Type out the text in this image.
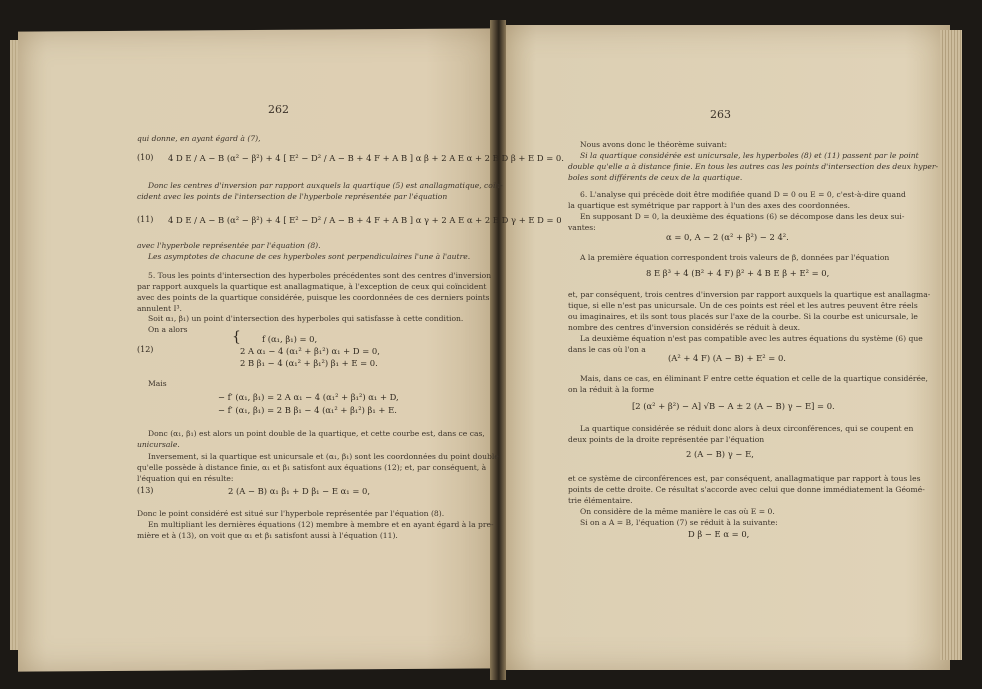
262	263
qui donne, en ayant égard à (7),
Donc les centres d'inversion par rapport auxquels la quartique (5) est anallagmatique, coïn-
cident avec les points de l'intersection de l'hyperbole représentée par l'équation
avec l'hyperbole représentée par l'équation (8).
Les asymptotes de chacune de ces hyperboles sont perpendiculaires l'une à l'autre.
5. Tous les points d'intersection des hyperboles précédentes sont des centres d'inversion
par rapport auxquels la quartique est anallagmatique, à l'exception de ceux qui coïncident
avec des points de la quartique considérée, puisque les coordonnées de ces derniers points
annulent I³.
Soit α₁, β₁) un point d'intersection des hyperboles qui satisfasse à cette condition.
On a alors
Mais
Donc (α₁, β₁) est alors un point double de la quartique, et cette courbe est, dans ce cas,
unicursale.
Inversement, si la quartique est unicursale et (α₁, β₁) sont les coordonnées du point double
qu'elle possède à distance finie, α₁ et β₁ satisfont aux équations (12); et, par conséquent, à
l'équation qui en résulte:
Donc le point considéré est situé sur l'hyperbole représentée par l'équation (8).
En multipliant les dernières équations (12) membre à membre et en ayant égard à la pre-
mière et à (13), on voit que α₁ et β₁ satisfont aussi à l'équation (11).
Nous avons donc le théorème suivant:
Si la quartique considérée est unicursale, les hyperboles (8) et (11) passent par le point
double qu'elle a à distance finie. En tous les autres cas les points d'intersection des deux hyper-
boles sont différents de ceux de la quartique.
6. L'analyse qui précède doit être modifiée quand D = 0 ou E = 0, c'est-à-dire quand
la quartique est symétrique par rapport à l'un des axes des coordonnées.
En supposant D = 0, la deuxième des équations (6) se décompose dans les deux sui-
vantes:
A la première équation correspondent trois valeurs de β, données par l'équation
et, par conséquent, trois centres d'inversion par rapport auxquels la quartique est anallagma-
tique, si elle n'est pas unicursale. Un de ces points est réel et les autres peuvent être réels
ou imaginaires, et ils sont tous placés sur l'axe de la courbe. Si la courbe est unicursale, le
nombre des centres d'inversion considérés se réduit à deux.
La deuxième équation n'est pas compatible avec les autres équations du système (6) que
dans le cas où l'on a
Mais, dans ce cas, en éliminant F entre cette équation et celle de la quartique considérée,
on la réduit à la forme
La quartique considérée se réduit donc alors à deux circonférences, qui se coupent en
deux points de la droite représentée par l'équation
et ce système de circonférences est, par conséquent, anallagmatique par rapport à tous les
points de cette droite. Ce résultat s'accorde avec celui que donne immédiatement la Géomé-
trie élémentaire.
On considère de la même manière le cas où E = 0.
Si on a A = B, l'équation (7) se réduit à la suivante:
(10) 4 D E / A − B (α² − β²) + 4 [ E² − D² / A − B + 4 F + A B ] α β + 2 A E α + 2 B D β + E D = 0.
(11) 4 D E / A − B (α² − β²) + 4 [ E² − D² / A − B + 4 F + A B ] α γ + 2 A E α + 2 B D γ + E D = 0
(12)
{	f (α₁, β₁) = 0,
2 A α₁ − 4 (α₁² + β₁²) α₁ + D = 0,
2 B β₁ − 4 (α₁² + β₁²) β₁ + E = 0.
− f′ (α₁, β₁) = 2 A α₁ − 4 (α₁² + β₁²) α₁ + D,
− f′ (α₁, β₁) = 2 B β₁ − 4 (α₁² + β₁²) β₁ + E.
(13)	2 (A − B) α₁ β₁ + D β₁ − E α₁ = 0,
α = 0, A − 2 (α² + β²) − 2 4².
8 E β³ + 4 (B² + 4 F) β² + 4 B E β + E² = 0,
(A² + 4 F) (A − B) + E² = 0.
[2 (α² + β²) − A] √B − A ± 2 (A − B) γ − E] = 0.
2 (A − B) γ − E,
D β − E α = 0,
